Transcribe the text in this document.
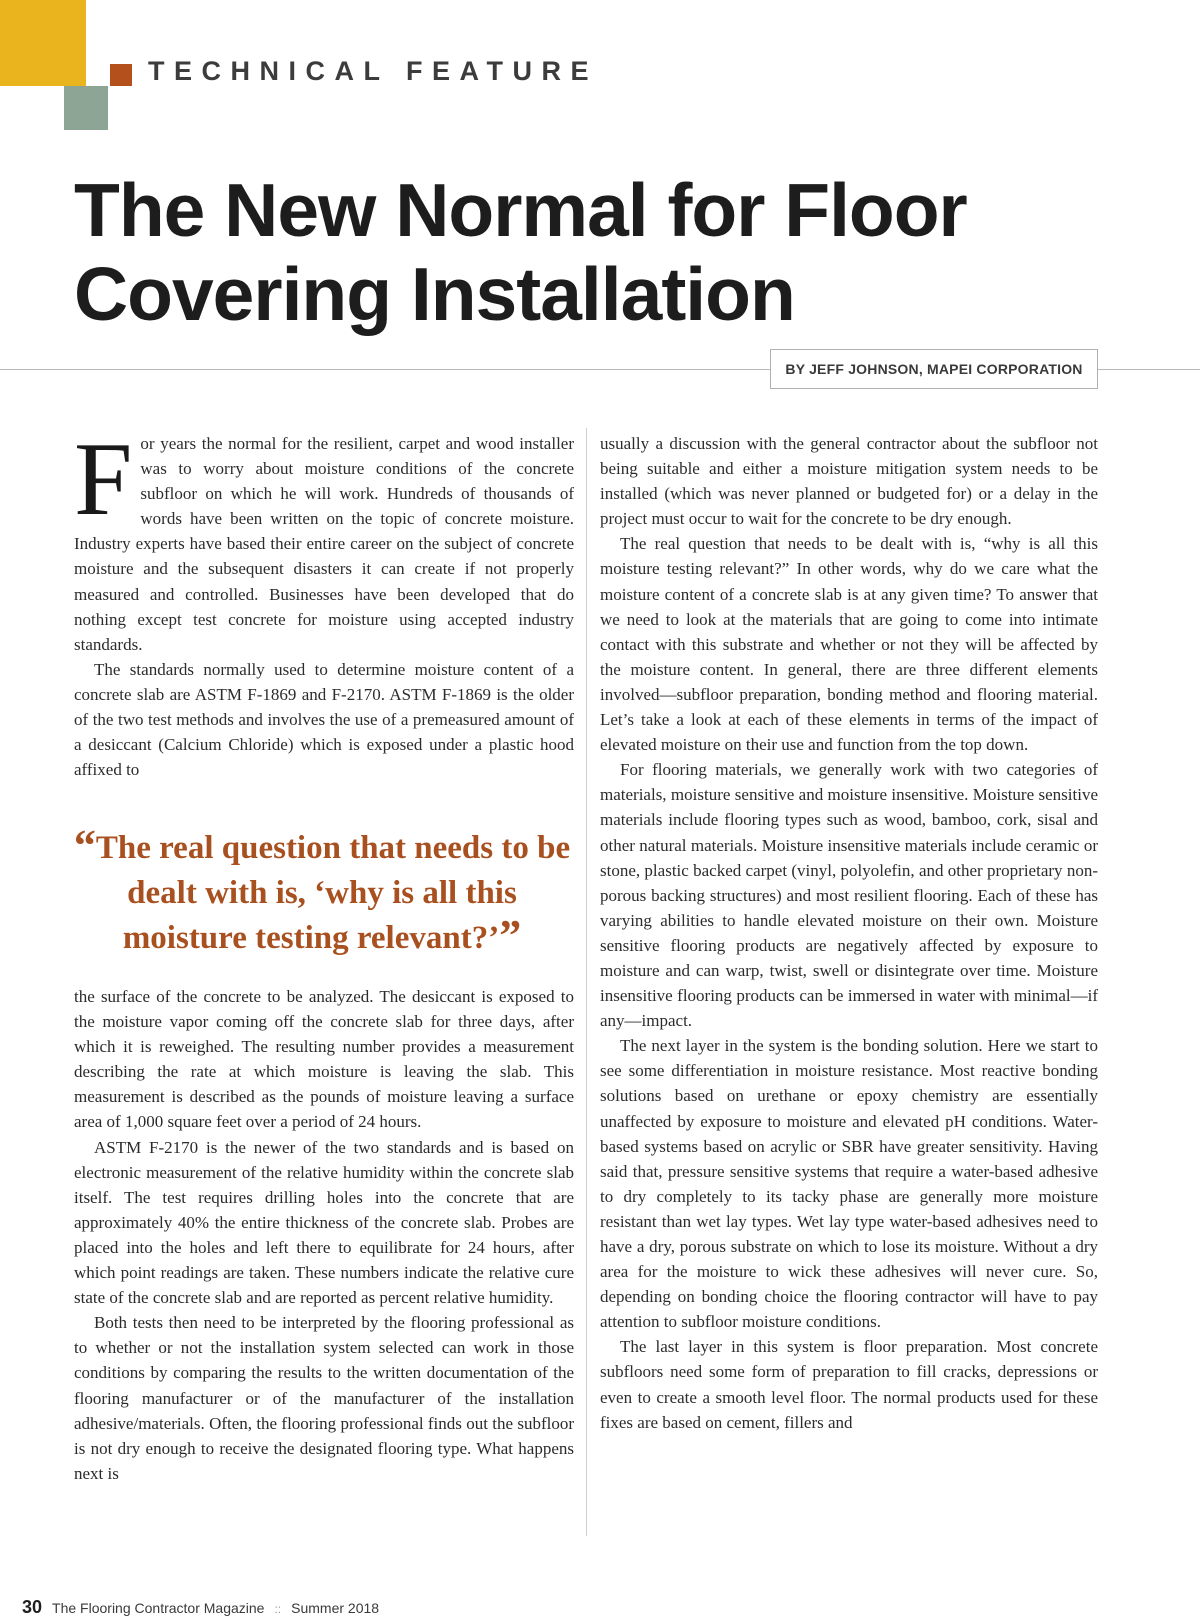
TECHNICAL FEATURE
The New Normal for Floor Covering Installation
BY JEFF JOHNSON, MAPEI CORPORATION

For years the normal for the resilient, carpet and wood installer was to worry about moisture conditions of the concrete subfloor on which he will work. Hundreds of thousands of words have been written on the topic of concrete moisture. Industry experts have based their entire career on the subject of concrete moisture and the subsequent disasters it can create if not properly measured and controlled. Businesses have been developed that do nothing except test concrete for moisture using accepted industry standards.

The standards normally used to determine moisture content of a concrete slab are ASTM F-1869 and F-2170. ASTM F-1869 is the older of the two test methods and involves the use of a premeasured amount of a desiccant (Calcium Chloride) which is exposed under a plastic hood affixed to

“The real question that needs to be dealt with is, ‘why is all this moisture testing relevant?’”

the surface of the concrete to be analyzed. The desiccant is exposed to the moisture vapor coming off the concrete slab for three days, after which it is reweighed. The resulting number provides a measurement describing the rate at which moisture is leaving the slab. This measurement is described as the pounds of moisture leaving a surface area of 1,000 square feet over a period of 24 hours.

ASTM F-2170 is the newer of the two standards and is based on electronic measurement of the relative humidity within the concrete slab itself. The test requires drilling holes into the concrete that are approximately 40% the entire thickness of the concrete slab. Probes are placed into the holes and left there to equilibrate for 24 hours, after which point readings are taken. These numbers indicate the relative cure state of the concrete slab and are reported as percent relative humidity.

Both tests then need to be interpreted by the flooring professional as to whether or not the installation system selected can work in those conditions by comparing the results to the written documentation of the flooring manufacturer or of the manufacturer of the installation adhesive/materials. Often, the flooring professional finds out the subfloor is not dry enough to receive the designated flooring type. What happens next is

usually a discussion with the general contractor about the subfloor not being suitable and either a moisture mitigation system needs to be installed (which was never planned or budgeted for) or a delay in the project must occur to wait for the concrete to be dry enough.

The real question that needs to be dealt with is, “why is all this moisture testing relevant?” In other words, why do we care what the moisture content of a concrete slab is at any given time? To answer that we need to look at the materials that are going to come into intimate contact with this substrate and whether or not they will be affected by the moisture content. In general, there are three different elements involved—subfloor preparation, bonding method and flooring material. Let’s take a look at each of these elements in terms of the impact of elevated moisture on their use and function from the top down.

For flooring materials, we generally work with two categories of materials, moisture sensitive and moisture insensitive. Moisture sensitive materials include flooring types such as wood, bamboo, cork, sisal and other natural materials. Moisture insensitive materials include ceramic or stone, plastic backed carpet (vinyl, polyolefin, and other proprietary non-porous backing structures) and most resilient flooring. Each of these has varying abilities to handle elevated moisture on their own. Moisture sensitive flooring products are negatively affected by exposure to moisture and can warp, twist, swell or disintegrate over time. Moisture insensitive flooring products can be immersed in water with minimal—if any—impact.

The next layer in the system is the bonding solution. Here we start to see some differentiation in moisture resistance. Most reactive bonding solutions based on urethane or epoxy chemistry are essentially unaffected by exposure to moisture and elevated pH conditions. Water-based systems based on acrylic or SBR have greater sensitivity. Having said that, pressure sensitive systems that require a water-based adhesive to dry completely to its tacky phase are generally more moisture resistant than wet lay types. Wet lay type water-based adhesives need to have a dry, porous substrate on which to lose its moisture. Without a dry area for the moisture to wick these adhesives will never cure. So, depending on bonding choice the flooring contractor will have to pay attention to subfloor moisture conditions.

The last layer in this system is floor preparation. Most concrete subfloors need some form of preparation to fill cracks, depressions or even to create a smooth level floor. The normal products used for these fixes are based on cement, fillers and

30 The Flooring Contractor Magazine :: Summer 2018
